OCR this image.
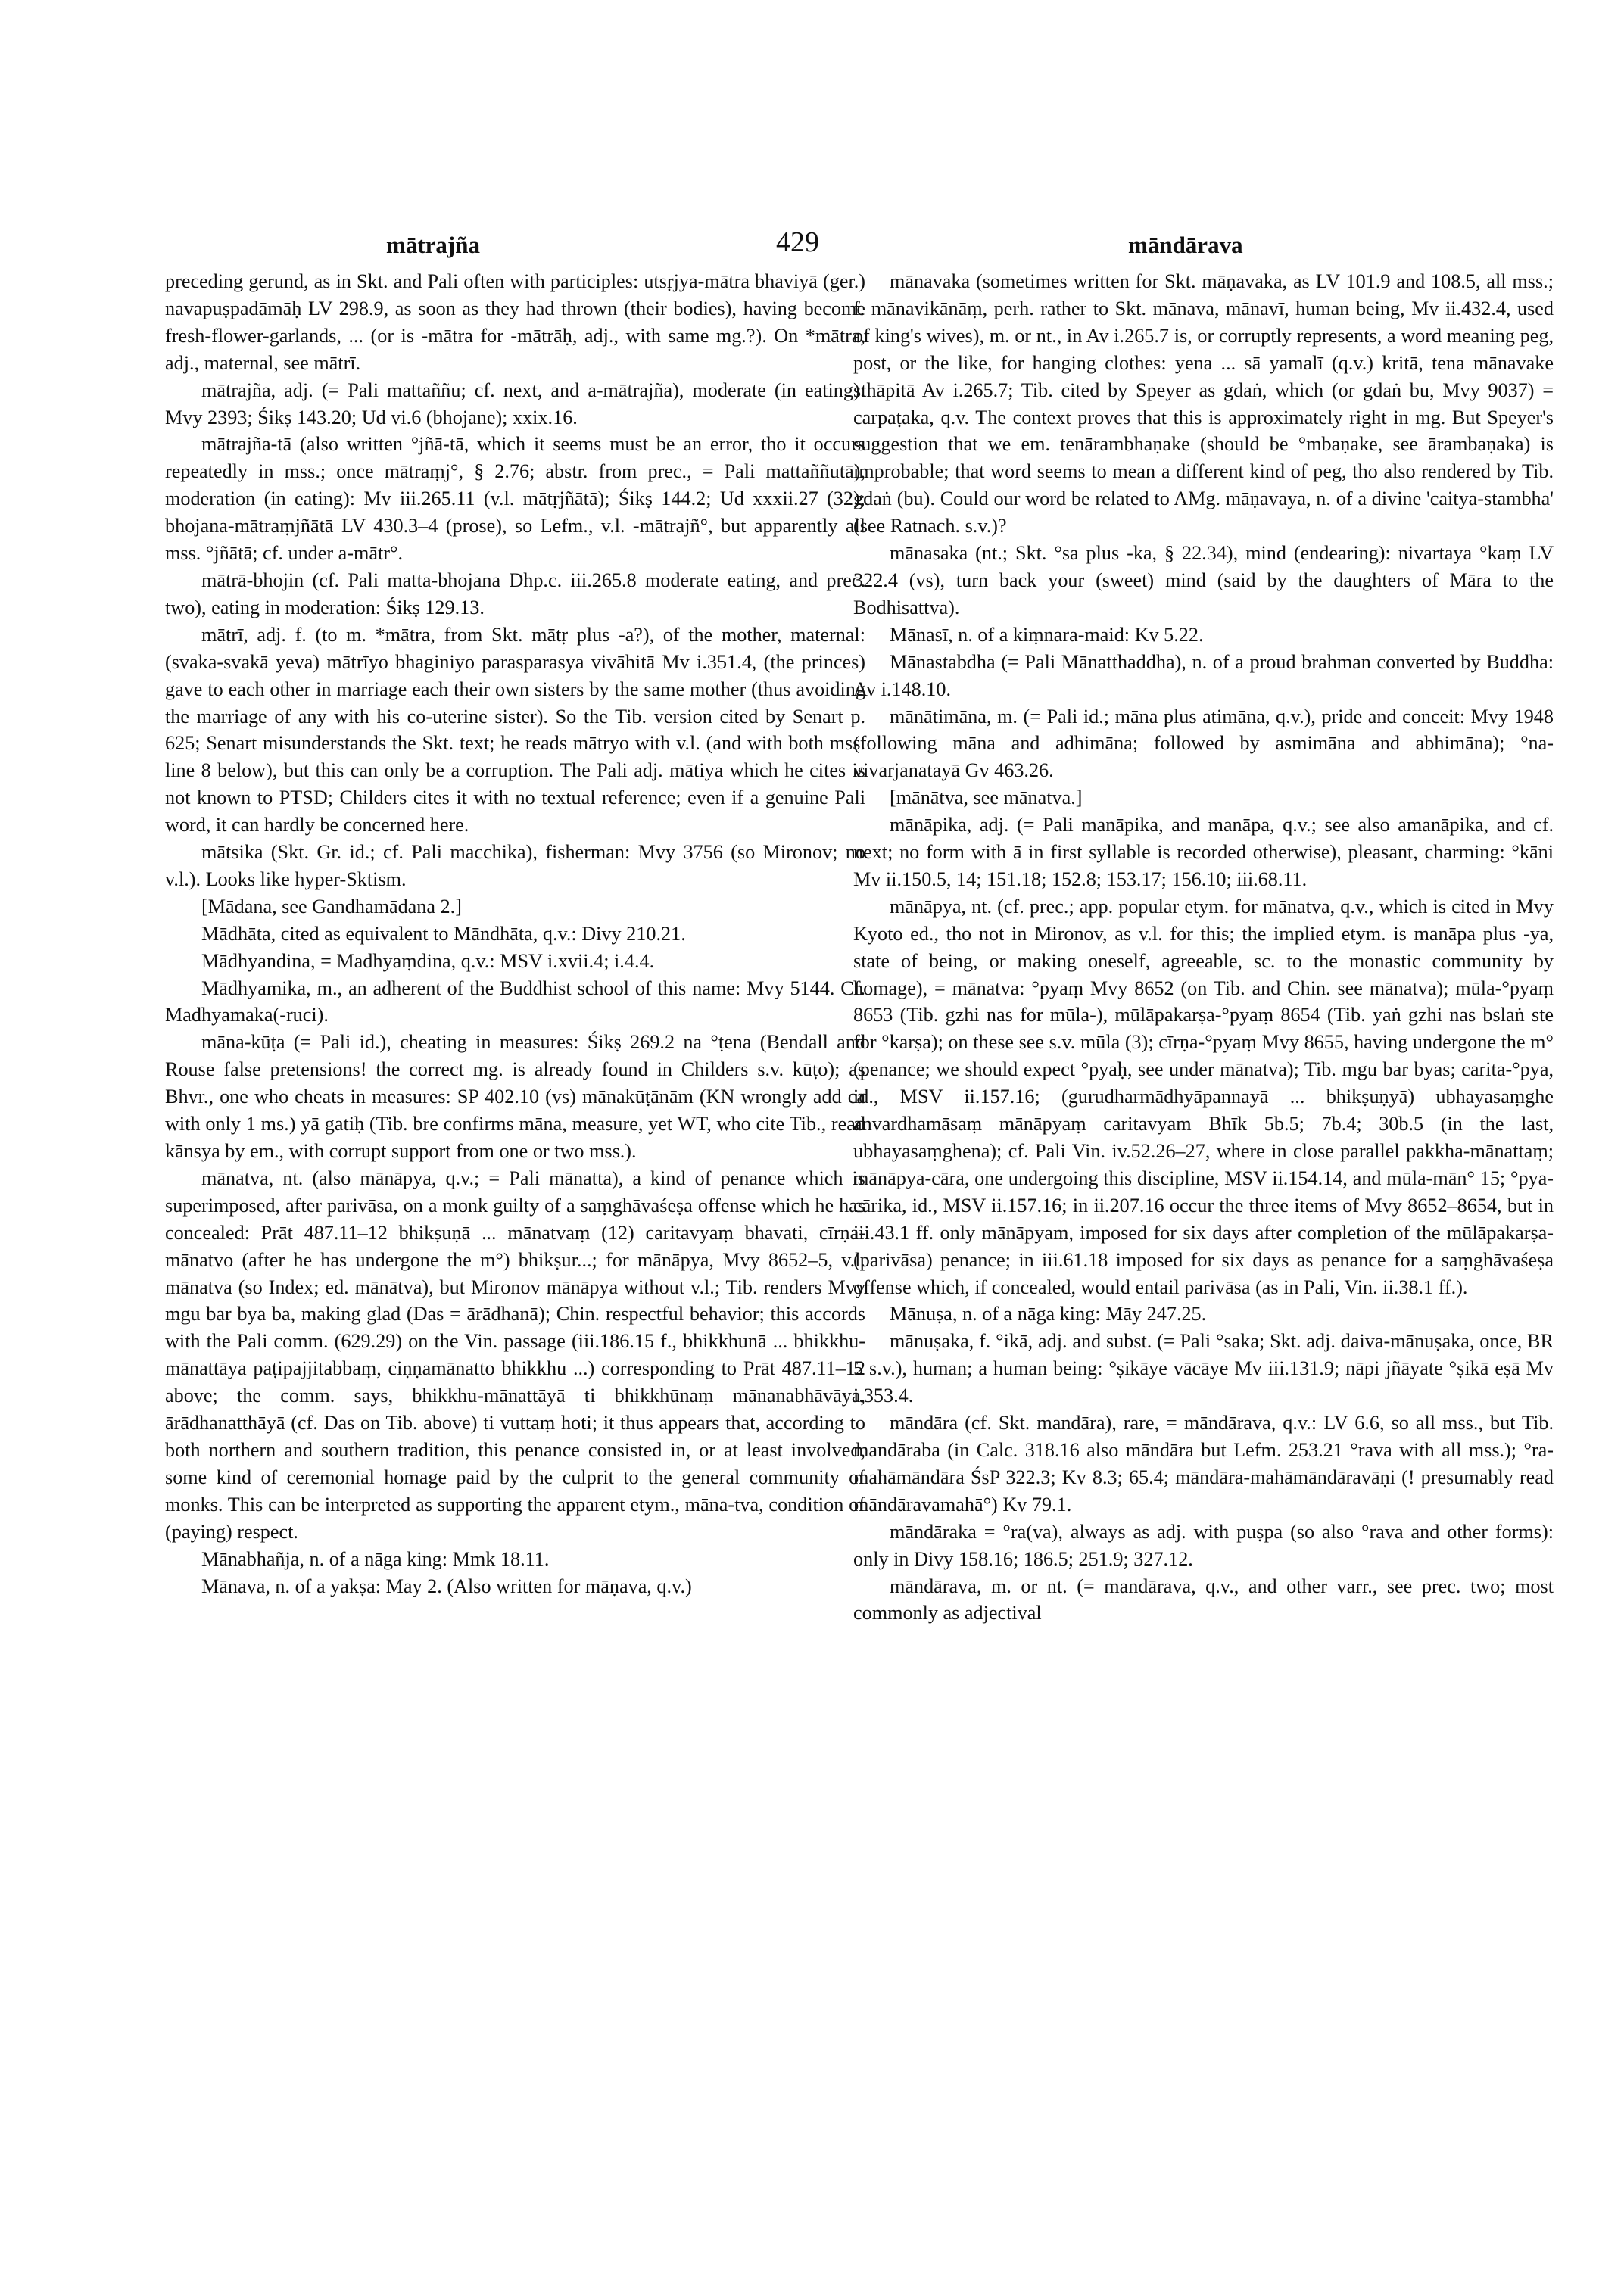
mātrajña	429	māndārava

preceding gerund, as in Skt. and Pali often with participles: utsṛjya-mātra bhaviyā (ger.) navapuṣpadāmāḥ LV 298.9, as soon as they had thrown (their bodies), having become fresh-flower-garlands, ... (or is -mātra for -mātrāḥ, adj., with same mg.?). On *mātra, adj., maternal, see mātrī.

mātrajña, adj. (= Pali mattaññu; cf. next, and a-mātrajña), moderate (in eating): Mvy 2393; Śikṣ 143.20; Ud vi.6 (bhojane); xxix.16.

mātrajña-tā (also written °jñā-tā, which it seems must be an error, tho it occurs repeatedly in mss.; once mātraṃj°, § 2.76; abstr. from prec., = Pali mattaññutā), moderation (in eating): Mv iii.265.11 (v.l. mātṛjñātā); Śikṣ 144.2; Ud xxxii.27 (32); bhojana-mātraṃjñātā LV 430.3–4 (prose), so Lefm., v.l. -mātrajñ°, but apparently all mss. °jñātā; cf. under a-mātr°.

mātrā-bhojin (cf. Pali matta-bhojana Dhp.c. iii.265.8 moderate eating, and prec. two), eating in moderation: Śikṣ 129.13.

mātrī, adj. f. (to m. *mātra, from Skt. mātṛ plus -a?), of the mother, maternal: (svaka-svakā yeva) mātrīyo bhaginiyo parasparasya vivāhitā Mv i.351.4, (the princes) gave to each other in marriage each their own sisters by the same mother (thus avoiding the marriage of any with his co-uterine sister). So the Tib. version cited by Senart p. 625; Senart misunderstands the Skt. text; he reads mātryo with v.l. (and with both mss. line 8 below), but this can only be a corruption. The Pali adj. mātiya which he cites is not known to PTSD; Childers cites it with no textual reference; even if a genuine Pali word, it can hardly be concerned here.

mātsika (Skt. Gr. id.; cf. Pali macchika), fisherman: Mvy 3756 (so Mironov; no v.l.). Looks like hyper-Sktism.

[Mādana, see Gandhamādana 2.]

Mādhāta, cited as equivalent to Māndhāta, q.v.: Divy 210.21.

Mādhyandina, = Madhyaṃdina, q.v.: MSV i.xvii.4; i.4.4.

Mādhyamika, m., an adherent of the Buddhist school of this name: Mvy 5144. Cf. Madhyamaka(-ruci).

māna-kūṭa (= Pali id.), cheating in measures: Śikṣ 269.2 na °ṭena (Bendall and Rouse false pretensions! the correct mg. is already found in Childers s.v. kūṭo); as Bhvr., one who cheats in measures: SP 402.10 (vs) mānakūṭānām (KN wrongly add ca with only 1 ms.) yā gatiḥ (Tib. bre confirms māna, measure, yet WT, who cite Tib., read kānsya by em., with corrupt support from one or two mss.).

mānatva, nt. (also mānāpya, q.v.; = Pali mānatta), a kind of penance which is superimposed, after parivāsa, on a monk guilty of a saṃghāvaśeṣa offense which he has concealed: Prāt 487.11–12 bhikṣuṇā ... mānatvaṃ (12) caritavyaṃ bhavati, cīrṇa-mānatvo (after he has undergone the m°) bhikṣur...; for mānāpya, Mvy 8652–5, v.l. mānatva (so Index; ed. mānātva), but Mironov mānāpya without v.l.; Tib. renders Mvy mgu bar bya ba, making glad (Das = ārādhanā); Chin. respectful behavior; this accords with the Pali comm. (629.29) on the Vin. passage (iii.186.15 f., bhikkhunā ... bhikkhu-mānattāya paṭipajjitabbaṃ, ciṇṇamānatto bhikkhu ...) corresponding to Prāt 487.11–12 above; the comm. says, bhikkhu-mānattāyā ti bhikkhūnaṃ mānanabhāvāya, ārādhanatthāyā (cf. Das on Tib. above) ti vuttaṃ hoti; it thus appears that, according to both northern and southern tradition, this penance consisted in, or at least involved, some kind of ceremonial homage paid by the culprit to the general community of monks. This can be interpreted as supporting the apparent etym., māna-tva, condition of (paying) respect.

Mānabhañja, n. of a nāga king: Mmk 18.11.

Mānava, n. of a yakṣa: May 2. (Also written for māṇava, q.v.)

mānavaka (sometimes written for Skt. māṇavaka, as LV 101.9 and 108.5, all mss.; f. mānavikānāṃ, perh. rather to Skt. mānava, mānavī, human being, Mv ii.432.4, used of king's wives), m. or nt., in Av i.265.7 is, or corruptly represents, a word meaning peg, post, or the like, for hanging clothes: yena ... sā yamalī (q.v.) kritā, tena mānavake sthāpitā Av i.265.7; Tib. cited by Speyer as gdaṅ, which (or gdaṅ bu, Mvy 9037) = carpaṭaka, q.v. The context proves that this is approximately right in mg. But Speyer's suggestion that we em. tenārambhaṇake (should be °mbaṇake, see ārambaṇaka) is improbable; that word seems to mean a different kind of peg, tho also rendered by Tib. gdaṅ (bu). Could our word be related to AMg. māṇavaya, n. of a divine 'caitya-stambha' (see Ratnach. s.v.)?

mānasaka (nt.; Skt. °sa plus -ka, § 22.34), mind (endearing): nivartaya °kaṃ LV 322.4 (vs), turn back your (sweet) mind (said by the daughters of Māra to the Bodhisattva).

Mānasī, n. of a kiṃnara-maid: Kv 5.22.

Mānastabdha (= Pali Mānatthaddha), n. of a proud brahman converted by Buddha: Av i.148.10.

mānātimāna, m. (= Pali id.; māna plus atimāna, q.v.), pride and conceit: Mvy 1948 (following māna and adhimāna; followed by asmimāna and abhimāna); °na-vivarjanatayā Gv 463.26.

[mānātva, see mānatva.]

mānāpika, adj. (= Pali manāpika, and manāpa, q.v.; see also amanāpika, and cf. next; no form with ā in first syllable is recorded otherwise), pleasant, charming: °kāni Mv ii.150.5, 14; 151.18; 152.8; 153.17; 156.10; iii.68.11.

mānāpya, nt. (cf. prec.; app. popular etym. for mānatva, q.v., which is cited in Mvy Kyoto ed., tho not in Mironov, as v.l. for this; the implied etym. is manāpa plus -ya, state of being, or making oneself, agreeable, sc. to the monastic community by homage), = mānatva: °pyaṃ Mvy 8652 (on Tib. and Chin. see mānatva); mūla-°pyaṃ 8653 (Tib. gzhi nas for mūla-), mūlāpakarṣa-°pyaṃ 8654 (Tib. yaṅ gzhi nas bslaṅ ste for °karṣa); on these see s.v. mūla (3); cīrṇa-°pyaṃ Mvy 8655, having undergone the m° (penance; we should expect °pyaḥ, see under mānatva); Tib. mgu bar byas; carita-°pya, id., MSV ii.157.16; (gurudharmādhyāpannayā ... bhikṣuṇyā) ubhayasaṃghe anvardhamāsaṃ mānāpyaṃ caritavyam Bhīk 5b.5; 7b.4; 30b.5 (in the last, ubhayasaṃghena); cf. Pali Vin. iv.52.26–27, where in close parallel pakkha-mānattaṃ; mānāpya-cāra, one undergoing this discipline, MSV ii.154.14, and mūla-mān° 15; °pya-cārika, id., MSV ii.157.16; in ii.207.16 occur the three items of Mvy 8652–8654, but in iii.43.1 ff. only mānāpyam, imposed for six days after completion of the mūlāpakarṣa-(parivāsa) penance; in iii.61.18 imposed for six days as penance for a saṃghāvaśeṣa offense which, if concealed, would entail parivāsa (as in Pali, Vin. ii.38.1 ff.).

Mānuṣa, n. of a nāga king: Māy 247.25.

mānuṣaka, f. °ikā, adj. and subst. (= Pali °saka; Skt. adj. daiva-mānuṣaka, once, BR 5 s.v.), human; a human being: °ṣikāye vācāye Mv iii.131.9; nāpi jñāyate °ṣikā eṣā Mv i.353.4.

māndāra (cf. Skt. mandāra), rare, = māndārava, q.v.: LV 6.6, so all mss., but Tib. mandāraba (in Calc. 318.16 also māndāra but Lefm. 253.21 °rava with all mss.); °ra-mahāmāndāra ŚsP 322.3; Kv 8.3; 65.4; māndāra-mahāmāndāravāṇi (! presumably read māndāravamahā°) Kv 79.1.

māndāraka = °ra(va), always as adj. with puṣpa (so also °rava and other forms): only in Divy 158.16; 186.5; 251.9; 327.12.

māndārava, m. or nt. (= mandārava, q.v., and other varr., see prec. two; most commonly as adjectival
